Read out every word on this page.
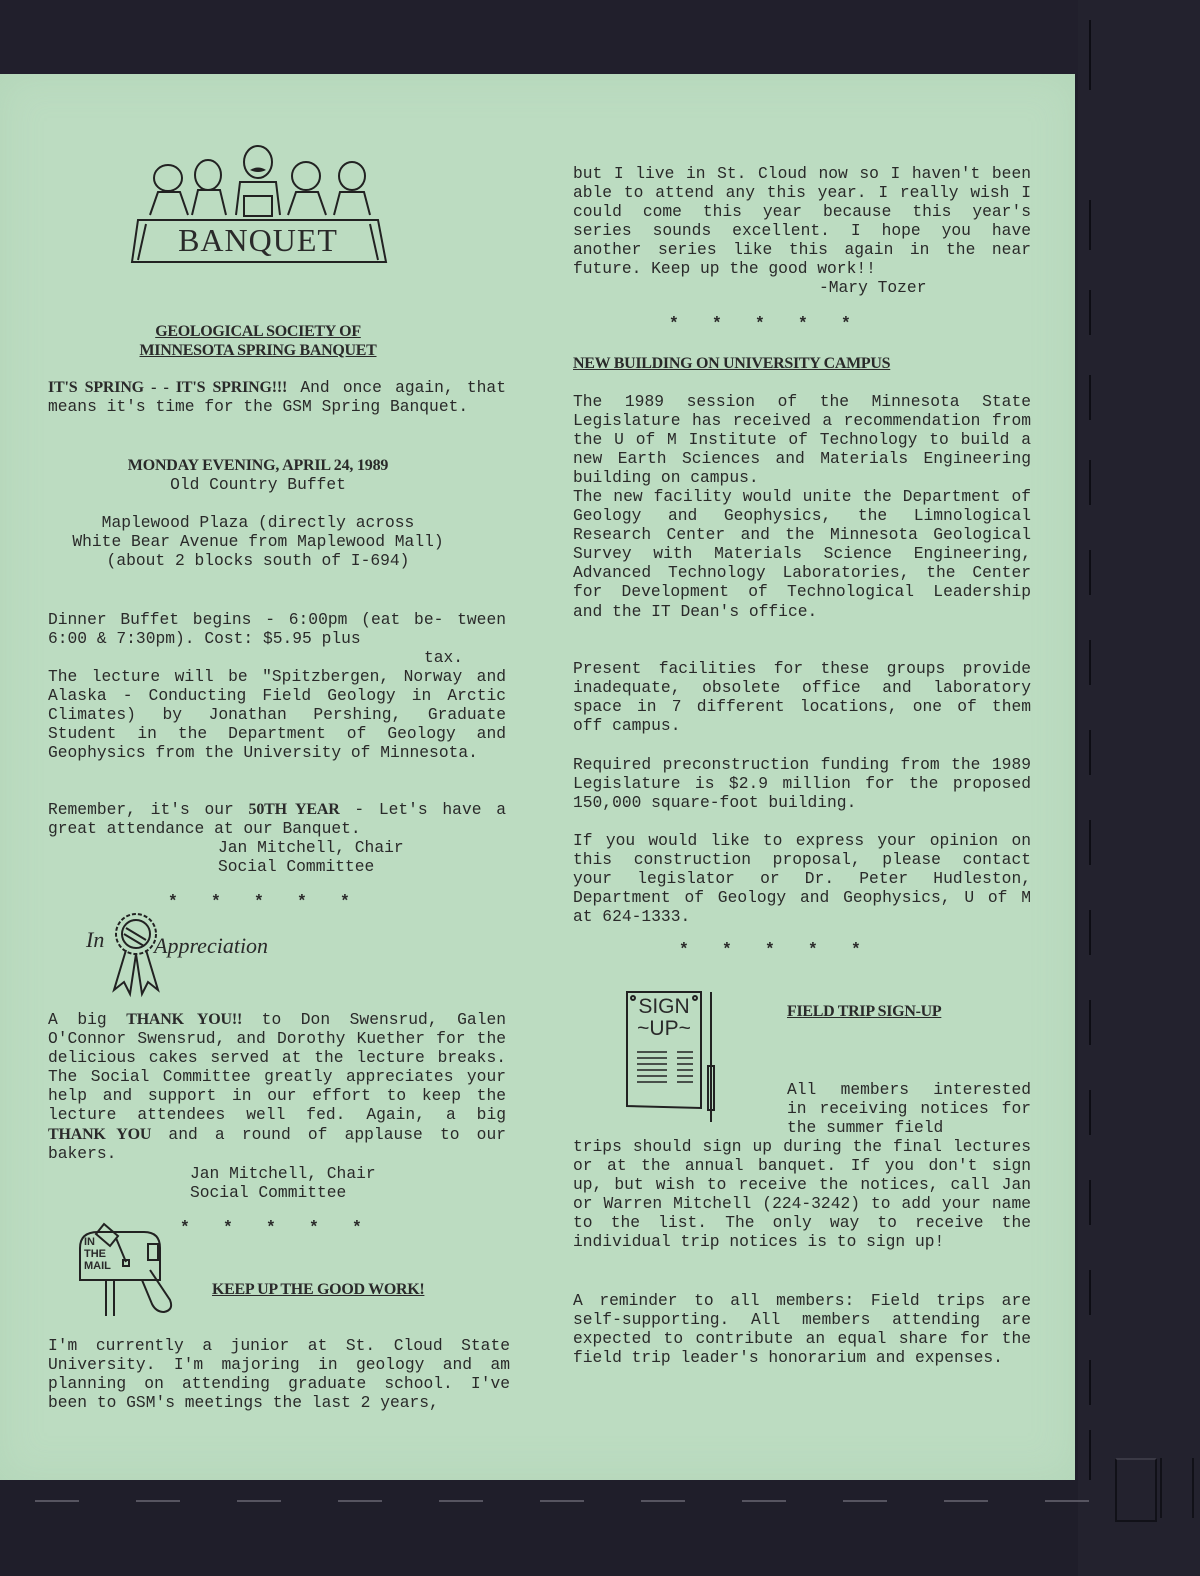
BANQUET
GEOLOGICAL SOCIETY OF
MINNESOTA SPRING BANQUET

IT'S SPRING - - IT'S SPRING!!! And once again, that means it's time for the GSM Spring Banquet.

MONDAY EVENING, APRIL 24, 1989
Old Country Buffet
Maplewood Plaza (directly across
White Bear Avenue from Maplewood Mall)
(about 2 blocks south of I-694)

Dinner Buffet begins - 6:00pm (eat be- tween 6:00 & 7:30pm). Cost: $5.95 plus

tax.

The lecture will be "Spitzbergen, Norway and Alaska - Conducting Field Geology in Arctic Climates) by Jonathan Pershing, Graduate Student in the Department of Geology and Geophysics from the University of Minnesota.

Remember, it's our 50TH YEAR - Let's have a great attendance at our Banquet.

Jan Mitchell, Chair
Social Committee
* * * * *
In Appreciation

A big THANK YOU!! to Don Swensrud, Galen O'Connor Swensrud, and Dorothy Kuether for the delicious cakes served at the lecture breaks. The Social Committee greatly appreciates your help and support in our effort to keep the lecture attendees well fed. Again, a big THANK YOU and a round of applause to our bakers.

Jan Mitchell, Chair
Social Committee
* * * * *
IN
THE
MAIL
KEEP UP THE GOOD WORK!

I'm currently a junior at St. Cloud State University. I'm majoring in geology and am planning on attending graduate school. I've been to GSM's meetings the last 2 years,

but I live in St. Cloud now so I haven't been able to attend any this year. I really wish I could come this year because this year's series sounds excellent. I hope you have another series like this again in the near future. Keep up the good work!!

-Mary Tozer
* * * * *
NEW BUILDING ON UNIVERSITY CAMPUS

The 1989 session of the Minnesota State Legislature has received a recommendation from the U of M Institute of Technology to build a new Earth Sciences and Materials Engineering building on campus.

The new facility would unite the Department of Geology and Geophysics, the Limnological Research Center and the Minnesota Geological Survey with Materials Science Engineering, Advanced Technology Laboratories, the Center for Development of Technological Leadership and the IT Dean's office.

Present facilities for these groups provide inadequate, obsolete office and laboratory space in 7 different locations, one of them off campus.

Required preconstruction funding from the 1989 Legislature is $2.9 million for the proposed 150,000 square-foot building.

If you would like to express your opinion on this construction proposal, please contact your legislator or Dr. Peter Hudleston, Department of Geology and Geophysics, U of M at 624-1333.

* * * * *
SIGN
~UP~
FIELD TRIP SIGN-UP

All members interested in receiving notices for the summer field

trips should sign up during the final lectures or at the annual banquet. If you don't sign up, but wish to receive the notices, call Jan or Warren Mitchell (224-3242) to add your name to the list. The only way to receive the individual trip notices is to sign up!

A reminder to all members: Field trips are self-supporting. All members attending are expected to contribute an equal share for the field trip leader's honorarium and expenses.
